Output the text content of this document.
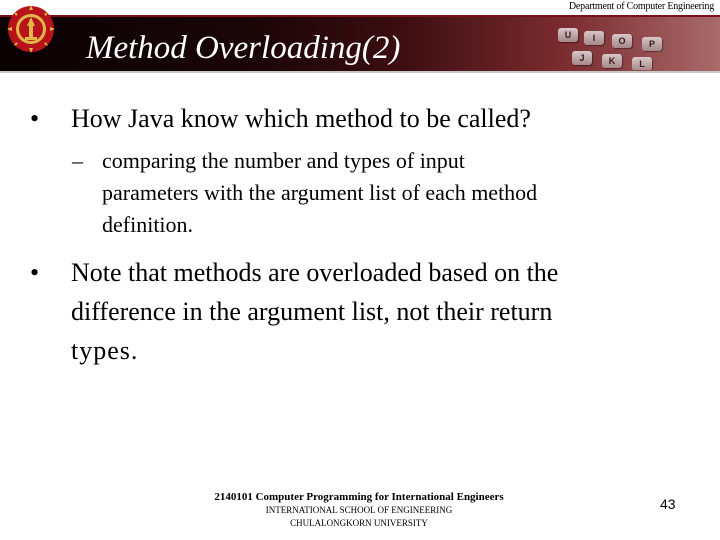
Department of Computer Engineering
U	I	O	P
J	K	L
Method Overloading(2)
• How Java know which method to be called?
– comparing the number and types of input
parameters with the argument list of each method
definition.
• Note that methods are overloaded based on the
difference in the argument list, not their return
types.
2140101 Computer Programming for International Engineers
INTERNATIONAL SCHOOL OF ENGINEERING
CHULALONGKORN UNIVERSITY
43
